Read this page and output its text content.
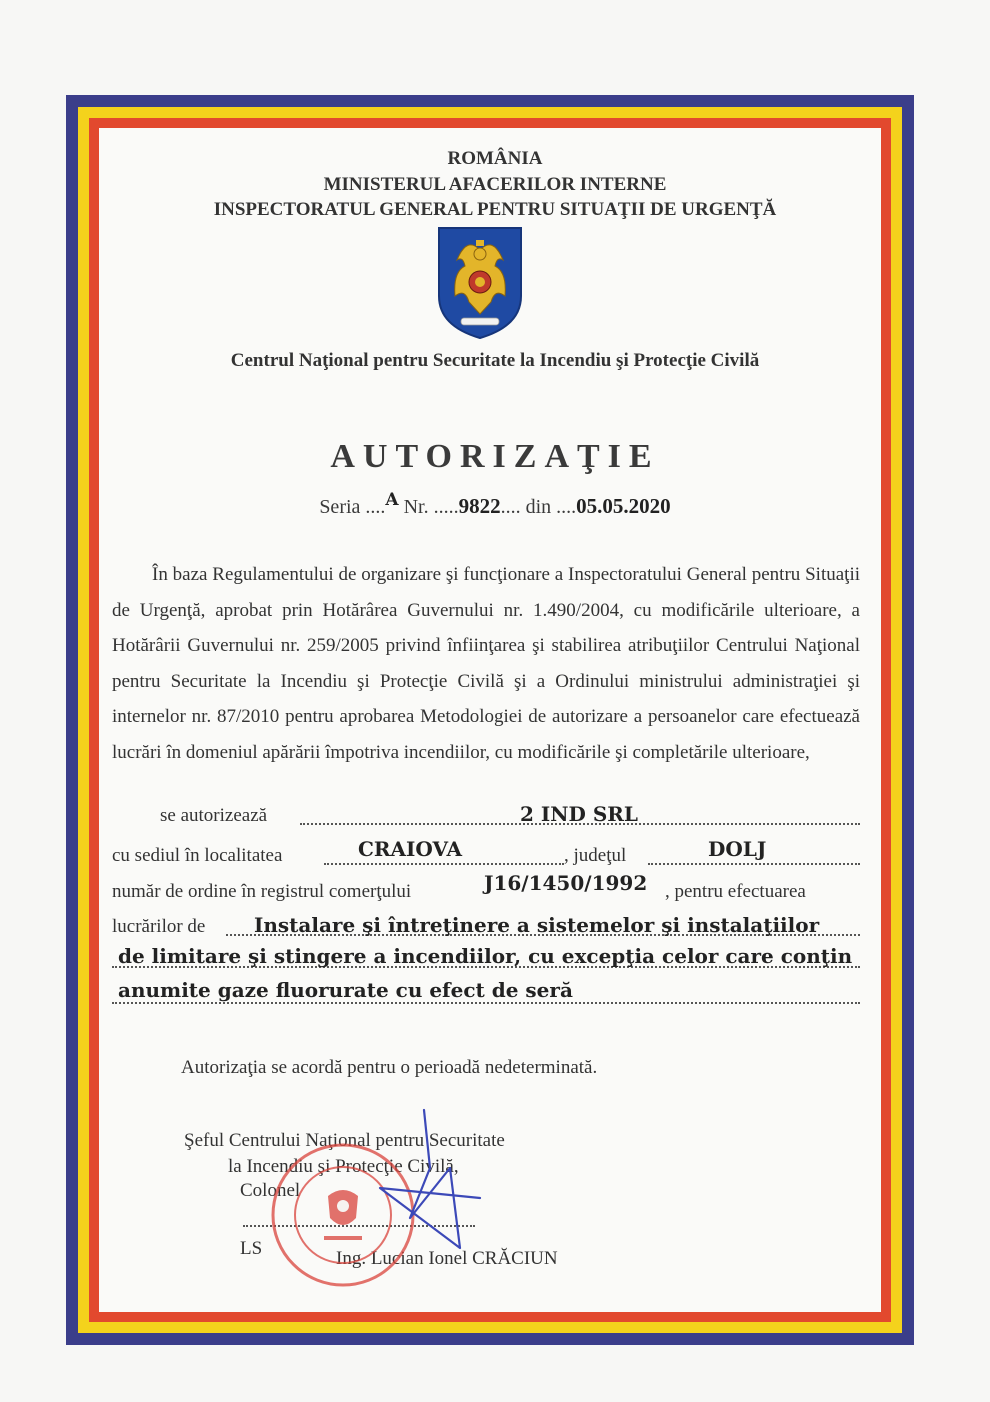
ROMÂNIA
MINISTERUL AFACERILOR INTERNE
INSPECTORATUL GENERAL PENTRU SITUAŢII DE URGENŢĂ
Centrul Naţional pentru Securitate la Incendiu şi Protecţie Civilă
AUTORIZAŢIE
Seria ....$^A$ Nr. .....9822.... din ....05.05.2020
În baza Regulamentului de organizare şi funcţionare a Inspectoratului General pentru Situaţii de Urgenţă, aprobat prin Hotărârea Guvernului nr. 1.490/2004, cu modificările ulterioare, a Hotărârii Guvernului nr. 259/2005 privind înfiinţarea şi stabilirea atribuţiilor Centrului Naţional pentru Securitate la Incendiu şi Protecţie Civilă şi a Ordinului ministrului administraţiei şi internelor nr. 87/2010 pentru aprobarea Metodologiei de autorizare a persoanelor care efectuează lucrări în domeniul apărării împotriva incendiilor, cu modificările şi completările ulterioare,
se autorizează	2 IND SRL
cu sediul în localitatea	CRAIOVA	, judeţul	DOLJ
număr de ordine în registrul comerţului	J16/1450/1992 , pentru efectuarea
lucrărilor de Instalare şi întreţinere a sistemelor şi instalaţiilor
de limitare şi stingere a incendiilor, cu excepţia celor care conţin
anumite gaze fluorurate cu efect de seră
Autorizaţia se acordă pentru o perioadă nedeterminată.
Şeful Centrului Naţional pentru Securitate
la Incendiu şi Protecţie Civilă,
Colonel
LS	Ing. Lucian Ionel CRĂCIUN
